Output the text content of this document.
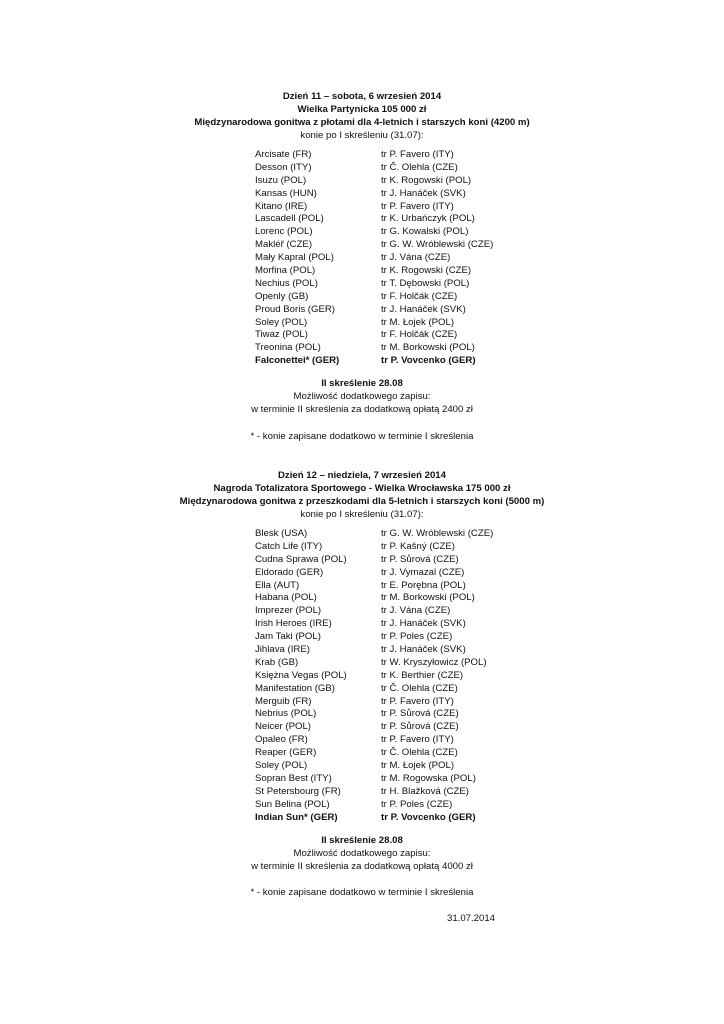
Dzień 11 – sobota, 6 wrzesień 2014
Wielka Partynicka 105 000 zł
Międzynarodowa gonitwa z płotami dla 4-letnich i starszych koni (4200 m)
konie po I skreśleniu (31.07):
Arcisate (FR)	tr P. Favero (ITY)
Desson (ITY)	tr Č. Olehla (CZE)
Isuzu (POL)	tr K. Rogowski (POL)
Kansas (HUN)	tr J. Hanáček (SVK)
Kitano (IRE)	tr P. Favero (ITY)
Lascadell (POL)	tr K. Urbańczyk (POL)
Lorenc (POL)	tr G. Kowalski (POL)
Makléř (CZE)	tr G. W. Wróblewski (CZE)
Mały Kapral (POL)	tr J. Vána (CZE)
Morfina (POL)	tr K. Rogowski (CZE)
Nechius (POL)	tr T. Dębowski (POL)
Openly (GB)	tr F. Holčák (CZE)
Proud Boris (GER)	tr J. Hanáček (SVK)
Soley (POL)	tr M. Łojek (POL)
Tiwaz (POL)	tr F. Holčák (CZE)
Treonina (POL)	tr M. Borkowski (POL)
Falconettei* (GER)	tr P. Vovcenko (GER)
II skreślenie 28.08
Możliwość dodatkowego zapisu:
w terminie II skreślenia za dodatkową opłatą 2400 zł
* - konie zapisane dodatkowo w terminie I skreślenia
Dzień 12 – niedziela, 7 wrzesień 2014
Nagroda Totalizatora Sportowego - Wielka Wrocławska 175 000 zł
Międzynarodowa gonitwa z przeszkodami dla 5-letnich i starszych koni (5000 m)
konie po I skreśleniu (31.07):
Blesk (USA)	tr G. W. Wróblewski (CZE)
Catch Life (ITY)	tr P. Kašný (CZE)
Cudna Sprawa (POL)	tr P. Sůrová (CZE)
Eldorado (GER)	tr J. Vymazal (CZE)
Ella (AUT)	tr E. Porębna (POL)
Habana (POL)	tr M. Borkowski (POL)
Imprezer (POL)	tr J. Vána (CZE)
Irish Heroes (IRE)	tr J. Hanáček (SVK)
Jam Taki (POL)	tr P. Poles (CZE)
Jihlava (IRE)	tr J. Hanáček (SVK)
Krab (GB)	tr W. Kryszyłowicz (POL)
Księżna Vegas (POL)	tr K. Berthier (CZE)
Manifestation (GB)	tr Č. Olehla (CZE)
Merguib (FR)	tr P. Favero (ITY)
Nebrius (POL)	tr P. Sůrová (CZE)
Neicer (POL)	tr P. Sůrová (CZE)
Opaleo (FR)	tr P. Favero (ITY)
Reaper (GER)	tr Č. Olehla (CZE)
Soley (POL)	tr M. Łojek (POL)
Sopran Best (ITY)	tr M. Rogowska (POL)
St Petersbourg (FR)	tr H. Blažková (CZE)
Sun Belina (POL)	tr P. Poles (CZE)
Indian Sun* (GER)	tr P. Vovcenko (GER)
II skreślenie 28.08
Możliwość dodatkowego zapisu:
w terminie II skreślenia za dodatkową opłatą 4000 zł
* - konie zapisane dodatkowo w terminie I skreślenia
31.07.2014
